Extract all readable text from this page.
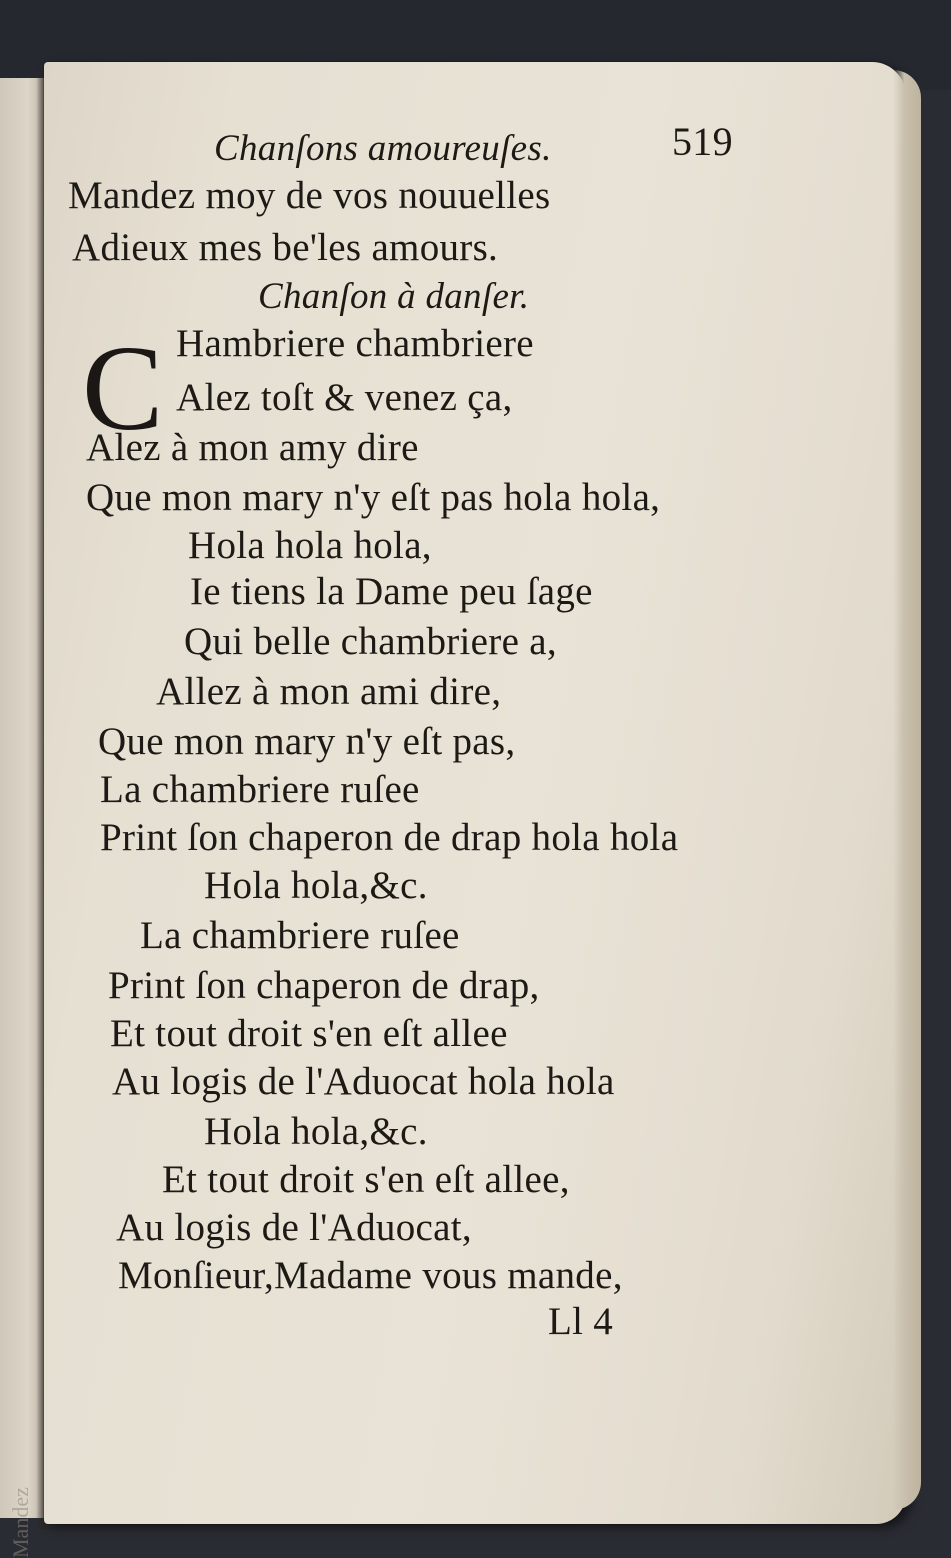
Mandez
Chanſons amoureuſes.	519
Mandez moy de vos nouuelles
Adieux mes be'les amours.
Chanſon à danſer.
C Hambriere chambriere
Alez toſt & venez ça,
Alez à mon amy dire
Que mon mary n'y eſt pas hola hola,
Hola hola hola,
Ie tiens la Dame peu ſage
Qui belle chambriere a,
Allez à mon ami dire,
Que mon mary n'y eſt pas,
La chambriere ruſee
Print ſon chaperon de drap hola hola
Hola hola,&c.
La chambriere ruſee
Print ſon chaperon de drap,
Et tout droit s'en eſt allee
Au logis de l'Aduocat hola hola
Hola hola,&c.
Et tout droit s'en eſt allee,
Au logis de l'Aduocat,
Monſieur,Madame vous mande,
Ll 4
